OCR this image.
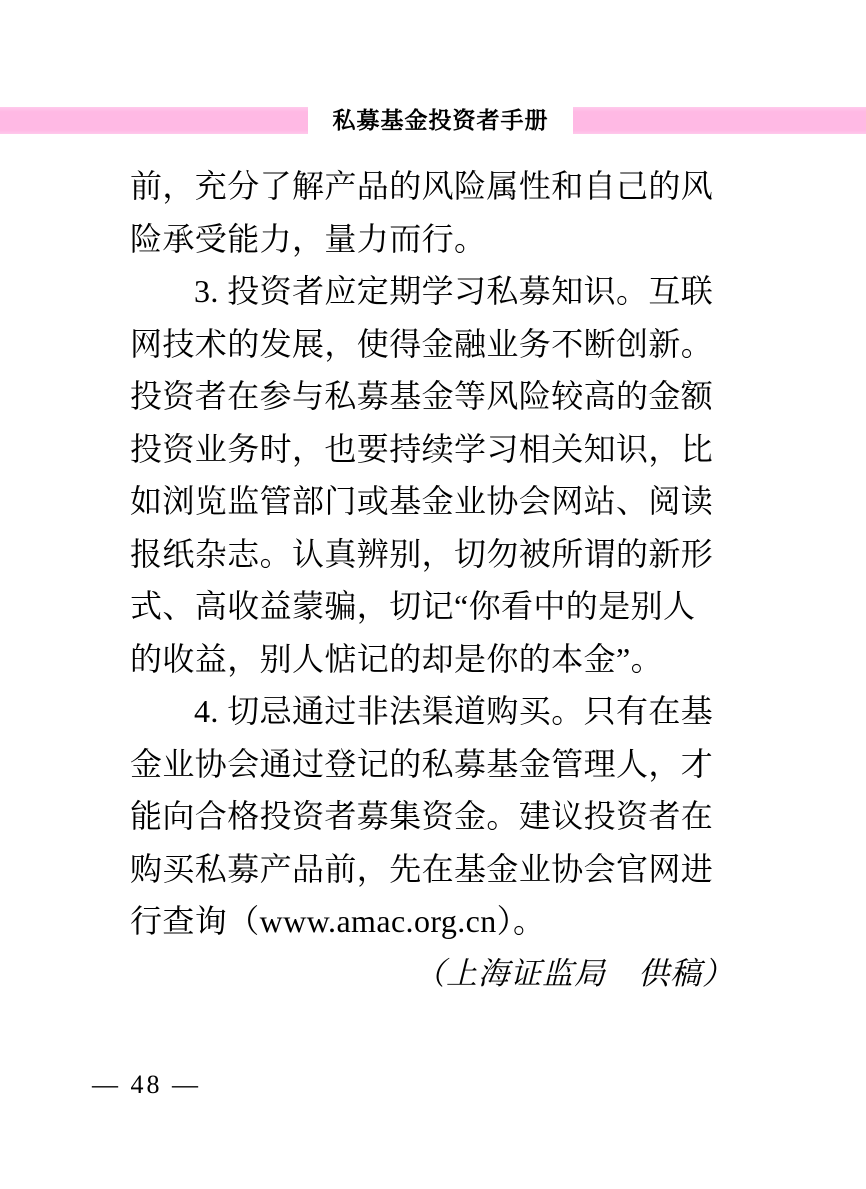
私募基金投资者手册
前，充分了解产品的风险属性和自己的风
险承受能力，量力而行。
3. 投资者应定期学习私募知识。互联
网技术的发展，使得金融业务不断创新。
投资者在参与私募基金等风险较高的金额
投资业务时，也要持续学习相关知识，比
如浏览监管部门或基金业协会网站、阅读
报纸杂志。认真辨别，切勿被所谓的新形
式、高收益蒙骗，切记“你看中的是别人
的收益，别人惦记的却是你的本金”。
4. 切忌通过非法渠道购买。只有在基
金业协会通过登记的私募基金管理人，才
能向合格投资者募集资金。建议投资者在
购买私募产品前，先在基金业协会官网进
行查询（www.amac.org.cn）。
（上海证监局　供稿）
— 48 —
